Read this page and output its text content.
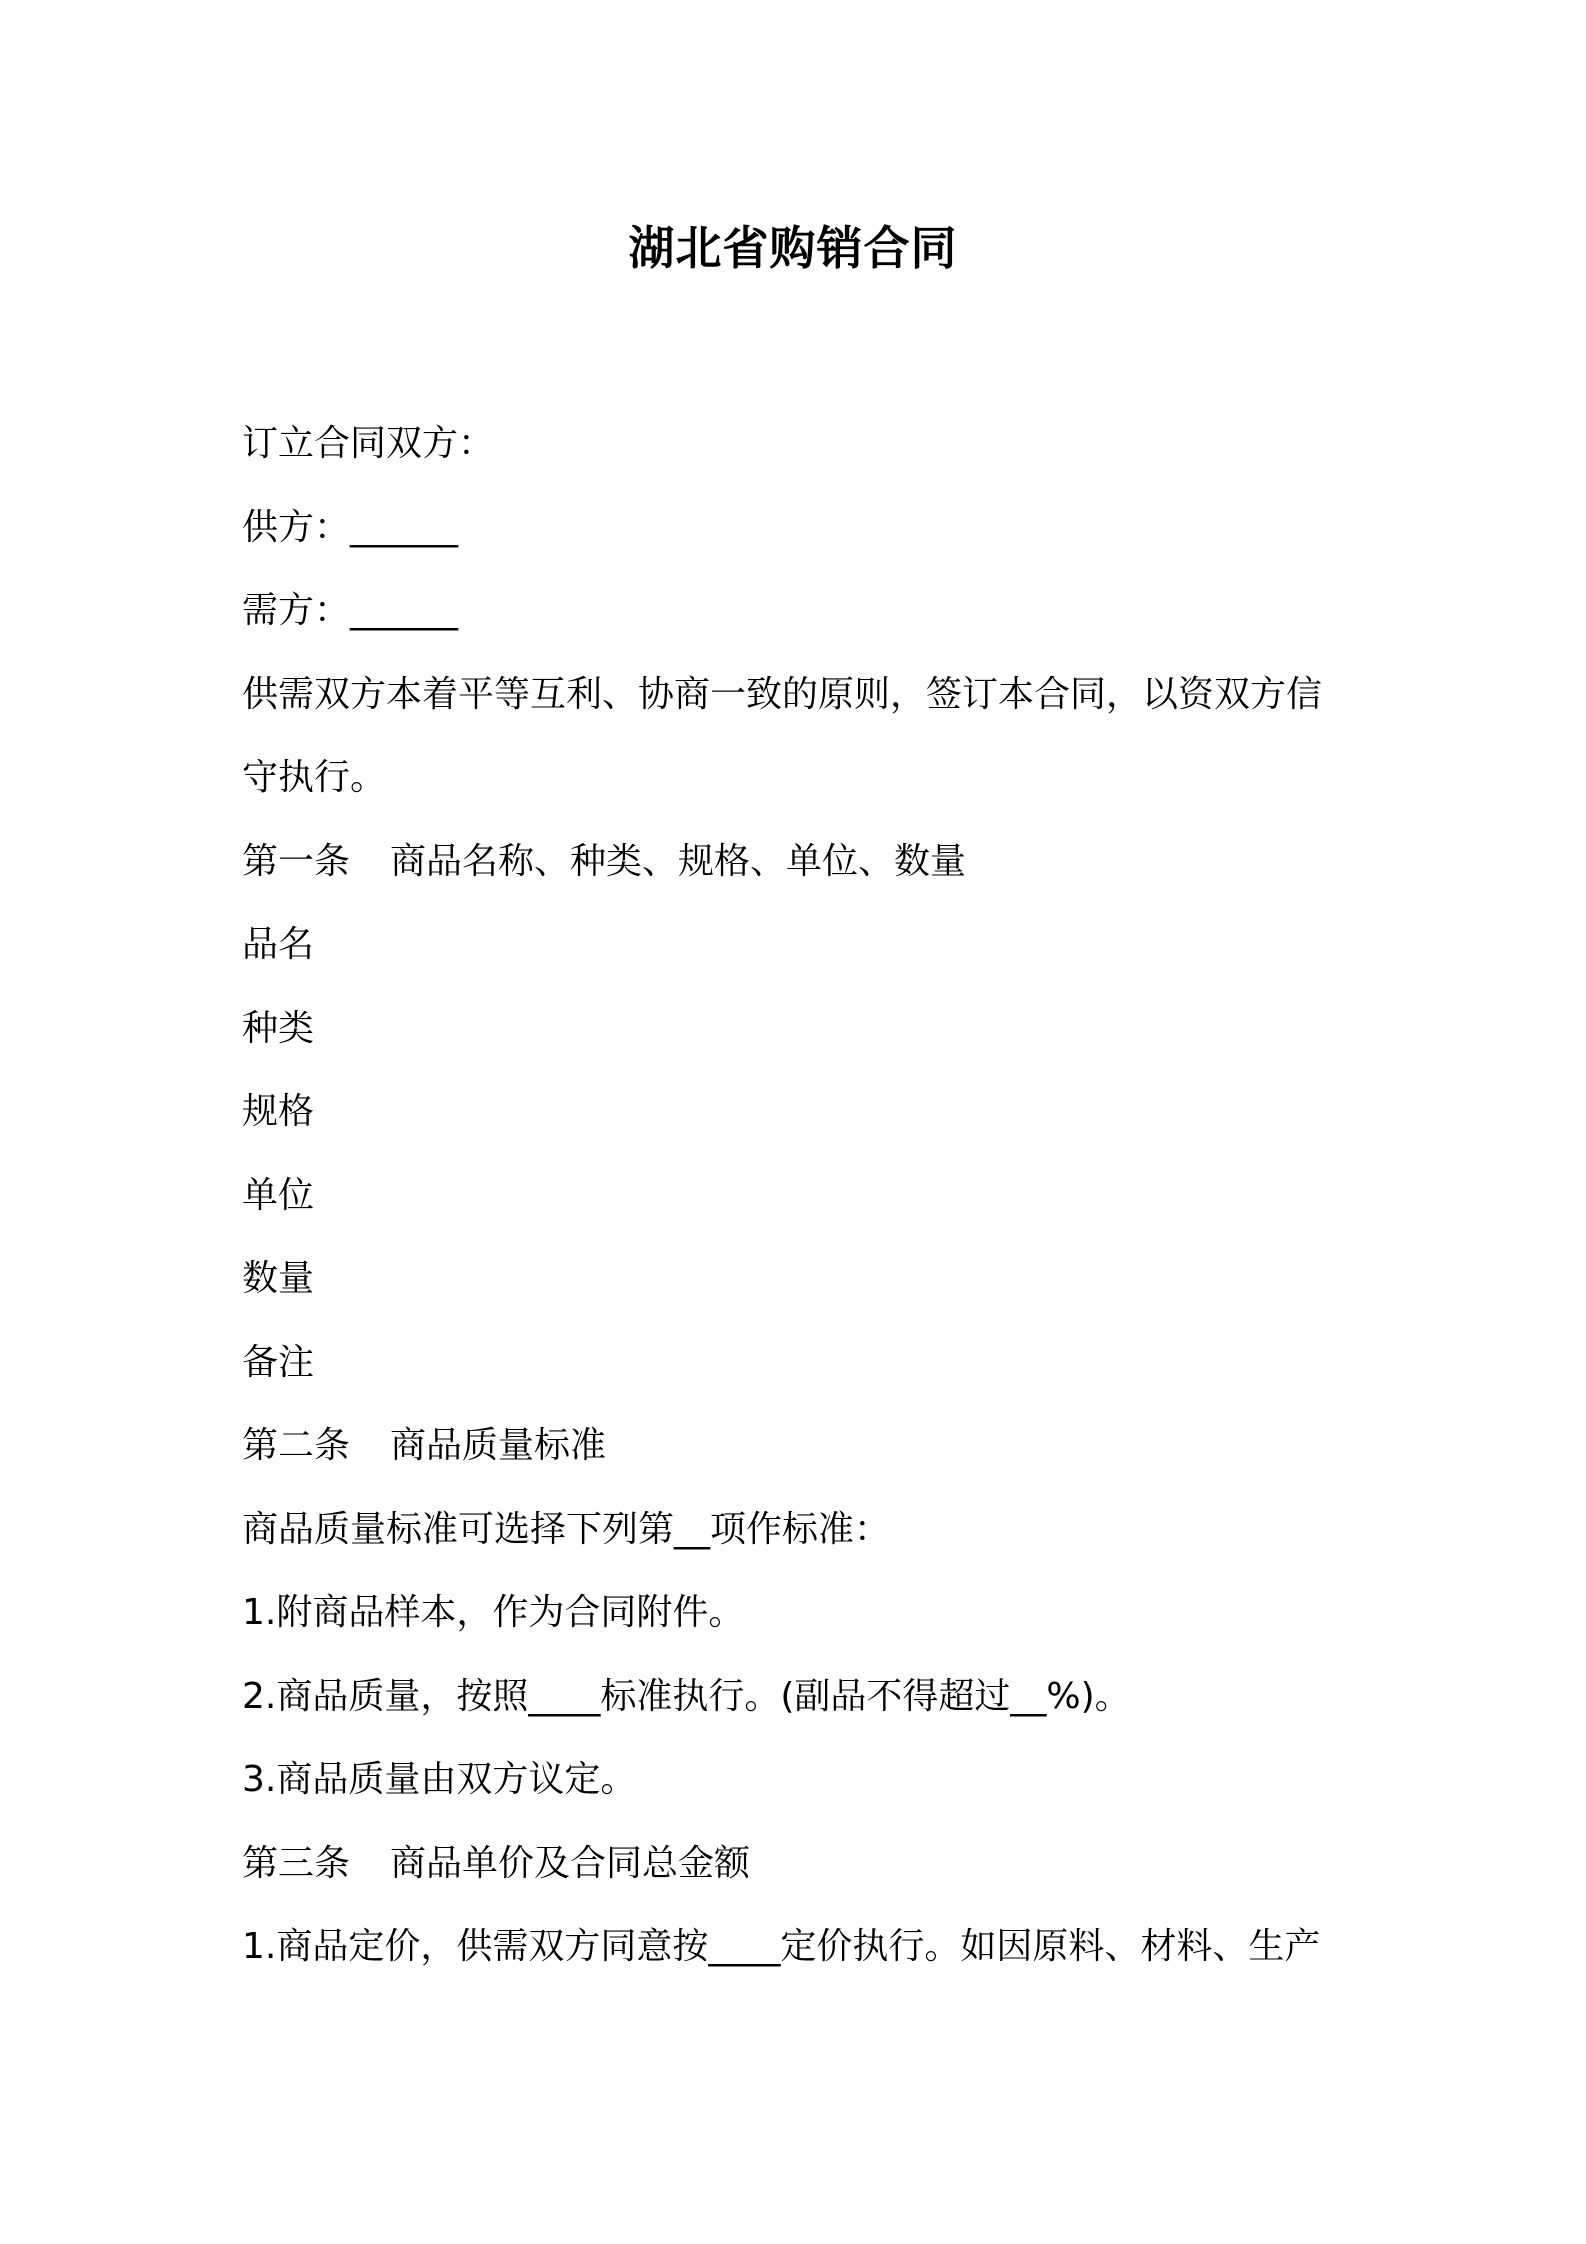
湖北省购销合同
订立合同双方：
供方：______
需方：______
供需双方本着平等互利、协商一致的原则，签订本合同，以资双方信
守执行。
第一条 商品名称、种类、规格、单位、数量
品名
种类
规格
单位
数量
备注
第二条 商品质量标准
商品质量标准可选择下列第__项作标准：
1.附商品样本，作为合同附件。
2.商品质量，按照____标准执行。(副品不得超过__%)。
3.商品质量由双方议定。
第三条 商品单价及合同总金额
1.商品定价，供需双方同意按____定价执行。如因原料、材料、生产
